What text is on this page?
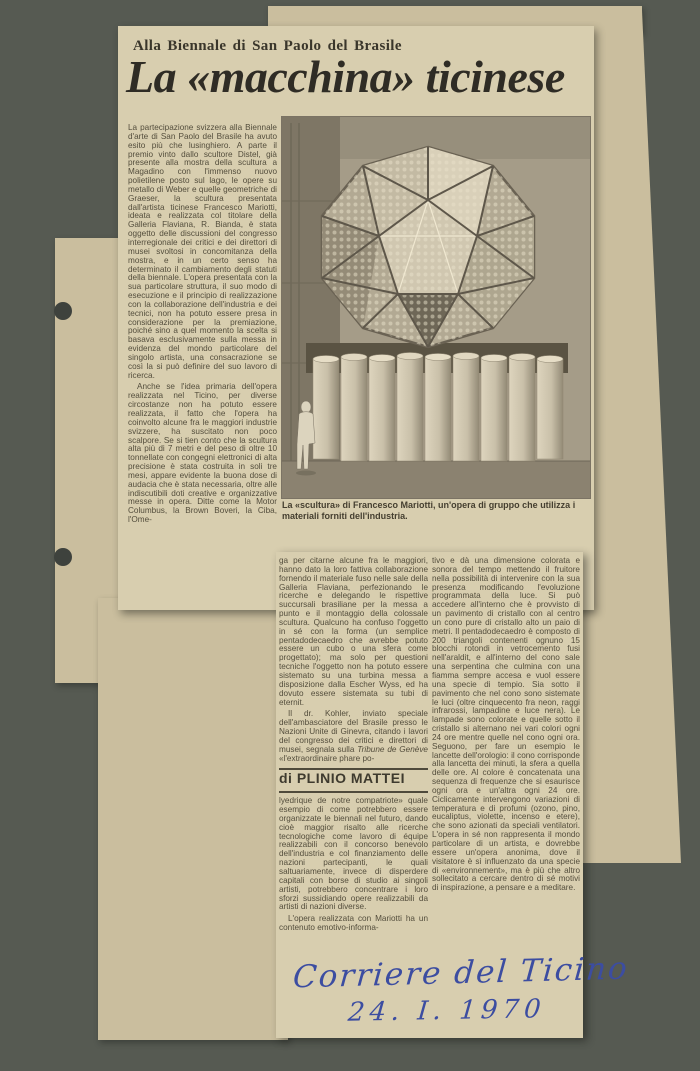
Alla Biennale di San Paolo del Brasile
La «macchina» ticinese

La partecipazione svizzera alla Biennale d'arte di San Paolo del Brasile ha avuto esito più che lusinghiero. A parte il premio vinto dallo scultore Distel, già presente alla mostra della scultura a Magadino con l'immenso nuovo polietilene posto sul lago, le opere su metallo di Weber e quelle geometriche di Graeser, la scultura presentata dall'artista ticinese Francesco Mariotti, ideata e realizzata col titolare della Galleria Flaviana, R. Bianda, è stata oggetto delle discussioni del congresso interregionale dei critici e dei direttori di musei svoltosi in concomitanza della mostra, e in un certo senso ha determinato il cambiamento degli statuti della biennale. L'opera presentata con la sua particolare struttura, il suo modo di esecuzione e il principio di realizzazione con la collaborazione dell'industria e dei tecnici, non ha potuto essere presa in considerazione per la premiazione, poiché sino a quel momento la scelta si basava esclusivamente sulla messa in evidenza del mondo particolare del singolo artista, una consacrazione se così la si può definire del suo lavoro di ricerca.

Anche se l'idea primaria dell'opera realizzata nel Ticino, per diverse circostanze non ha potuto essere realizzata, il fatto che l'opera ha coinvolto alcune fra le maggiori industrie svizzere, ha suscitato non poco scalpore. Se si tien conto che la scultura alta più di 7 metri e del peso di oltre 10 tonnellate con congegni elettronici di alta precisione è stata costruita in soli tre mesi, appare evidente la buona dose di audacia che è stata necessaria, oltre alle indiscutibili doti creative e organizzative messe in opera. Ditte come la Motor Columbus, la Brown Boveri, la Ciba, l'Ome-

La «scultura» di Francesco Mariotti, un'opera di gruppo che utilizza i materiali forniti dell'industria.

ga per citarne alcune fra le maggiori, hanno dato la loro fattiva collaborazione fornendo il materiale fuso nelle sale della Galleria Flaviana, perfezionando le ricerche e delegando le rispettive succursali brasiliane per la messa a punto e il montaggio della colossale scultura. Qualcuno ha confuso l'oggetto in sé con la forma (un semplice pentadodecaedro che avrebbe potuto essere un cubo o una sfera come progettato); ma solo per questioni tecniche l'oggetto non ha potuto essere sistemato su una turbina messa a disposizione dalla Escher Wyss, ed ha dovuto essere sistemata su tubi di eternit.

Il dr. Kohler, inviato speciale dell'ambasciatore del Brasile presso le Nazioni Unite di Ginevra, citando i lavori del congresso dei critici e direttori di musei, segnala sulla Tribune de Genève «l'extraordinaire phare po-

di PLINIO MATTEI

lyedrique de notre compatriote» quale esempio di come potrebbero essere organizzate le biennali nel futuro, dando cioè maggior risalto alle ricerche tecnologiche come lavoro di équipe realizzabili con il concorso benevolo dell'industria e col finanziamento delle nazioni partecipanti, le quali saltuariamente, invece di disperdere capitali con borse di studio ai singoli artisti, potrebbero concentrare i loro sforzi sussidiando opere realizzabili da artisti di nazioni diverse.

L'opera realizzata con Mariotti ha un contenuto emotivo-informa-

tivo e dà una dimensione colorata e sonora del tempo mettendo il fruitore nella possibilità di intervenire con la sua presenza modificando l'evoluzione programmata della luce. Si può accedere all'interno che è provvisto di un pavimento di cristallo con al centro un cono pure di cristallo alto un paio di metri. Il pentadodecaedro è composto di 200 triangoli contenenti ognuno 15 blocchi rotondi in vetrocemento fusi nell'araldit, e all'interno del cono sale una serpentina che culmina con una fiamma sempre accesa e vuol essere una specie di tempio. Sia sotto il pavimento che nel cono sono sistemate le luci (oltre cinquecento fra neon, raggi infrarossi, lampadine e luce nera). Le lampade sono colorate e quelle sotto il cristallo si alternano nei vari colori ogni 24 ore mentre quelle nel cono ogni ora. Seguono, per fare un esempio le lancette dell'orologio: il cono corrisponde alla lancetta dei minuti, la sfera a quella delle ore. Al colore è concatenata una sequenza di frequenze che si esaurisce ogni ora e un'altra ogni 24 ore. Ciclicamente intervengono variazioni di temperatura e di profumi (ozono, pino, eucaliptus, violette, incenso e etere), che sono azionati da speciali ventilatori. L'opera in sé non rappresenta il mondo particolare di un artista, e dovrebbe essere un'opera anonima, dove il visitatore è sì influenzato da una specie di «environnement», ma è più che altro sollecitato a cercare dentro di sé motivi di inspirazione, a pensare e a meditare.

Corriere del Ticino
24. I. 1970
